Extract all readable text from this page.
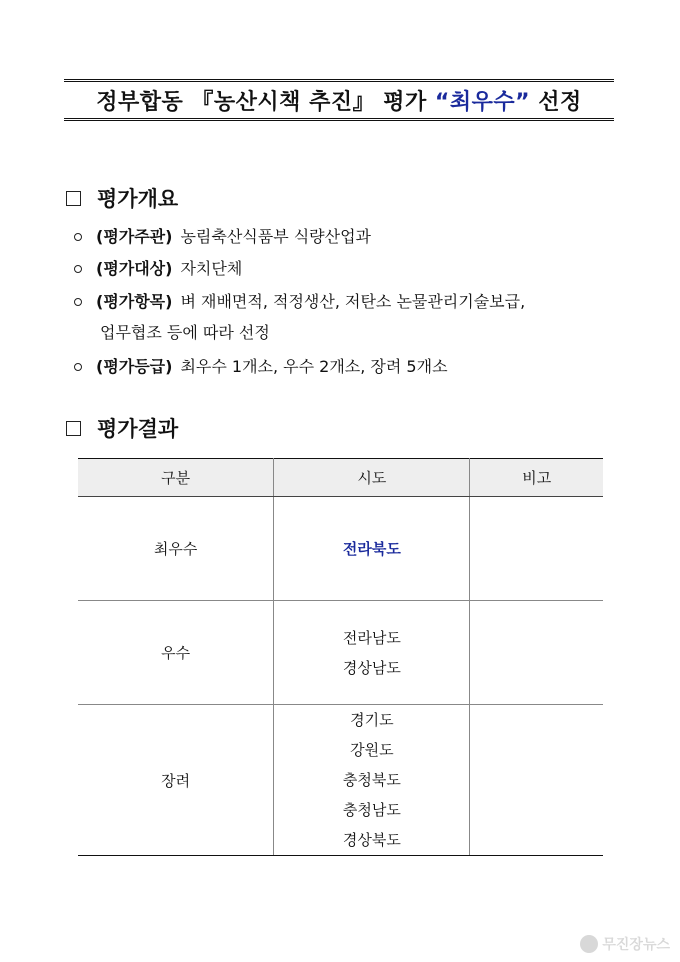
정부합동 『농산시책 추진』 평가 “최우수” 선정
평가개요
(평가주관) 농림축산식품부 식량산업과
(평가대상) 자치단체
(평가항목) 벼 재배면적, 적정생산, 저탄소 논물관리기술보급,
업무협조 등에 따라 선정
(평가등급) 최우수 1개소, 우수 2개소, 장려 5개소
평가결과
구분	시도	비고
최우수	전라북도	
우수	전라남도
경상남도	

장려	경기도
강원도
충청북도
충청남도
경상북도	

무진장뉴스
